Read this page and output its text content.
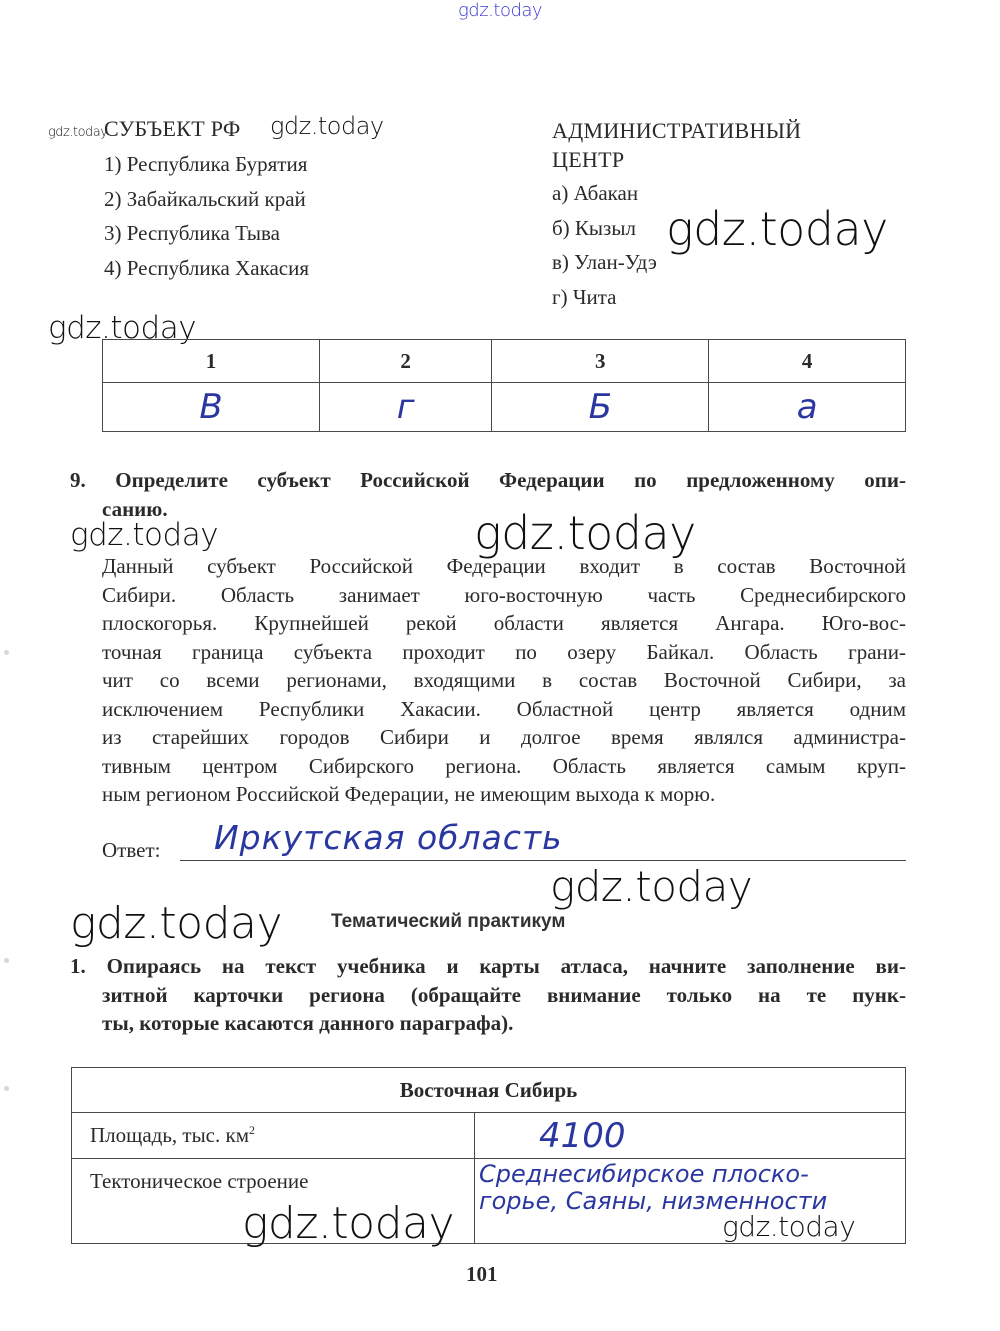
gdz.today
gdz.today
СУБЪЕКТ РФ gdz.today
1) Республика Бурятия
2) Забайкальский край
3) Республика Тыва
4) Республика Хакасия
АДМИНИСТРАТИВНЫЙ
ЦЕНТР
а) Абакан
б) Кызыл
в) Улан-Удэ
г) Чита
gdz.today
gdz.today
1	2	3	4
В	г	Б	а
9. Определите субъект Российской Федерации по предложенному опи-
санию.
gdz.today	gdz.today
Данный субъект Российской Федерации входит в состав Восточной
Сибири. Область занимает юго-восточную часть Среднесибирского
плоскогорья. Крупнейшей рекой области является Ангара. Юго-вос-
точная граница субъекта проходит по озеру Байкал. Область грани-
чит со всеми регионами, входящими в состав Восточной Сибири, за
исключением Республики Хакасии. Областной центр является одним
из старейших городов Сибири и долгое время являлся администра-
тивным центром Сибирского региона. Область является самым круп-
ным регионом Российской Федерации, не имеющим выхода к морю.
Ответ: Иркутская область
gdz.today
gdz.today	Тематический практикум
1. Опираясь на текст учебника и карты атласа, начните заполнение ви-
зитной карточки региона (обращайте внимание только на те пунк-
ты, которые касаются данного параграфа).
Восточная Сибирь	
Площадь, тыс. $км^2$	4100
Тектоническое строение	Среднесибирское плоско-
горье, Саяны, низменности
gdz.today	gdz.today
101
